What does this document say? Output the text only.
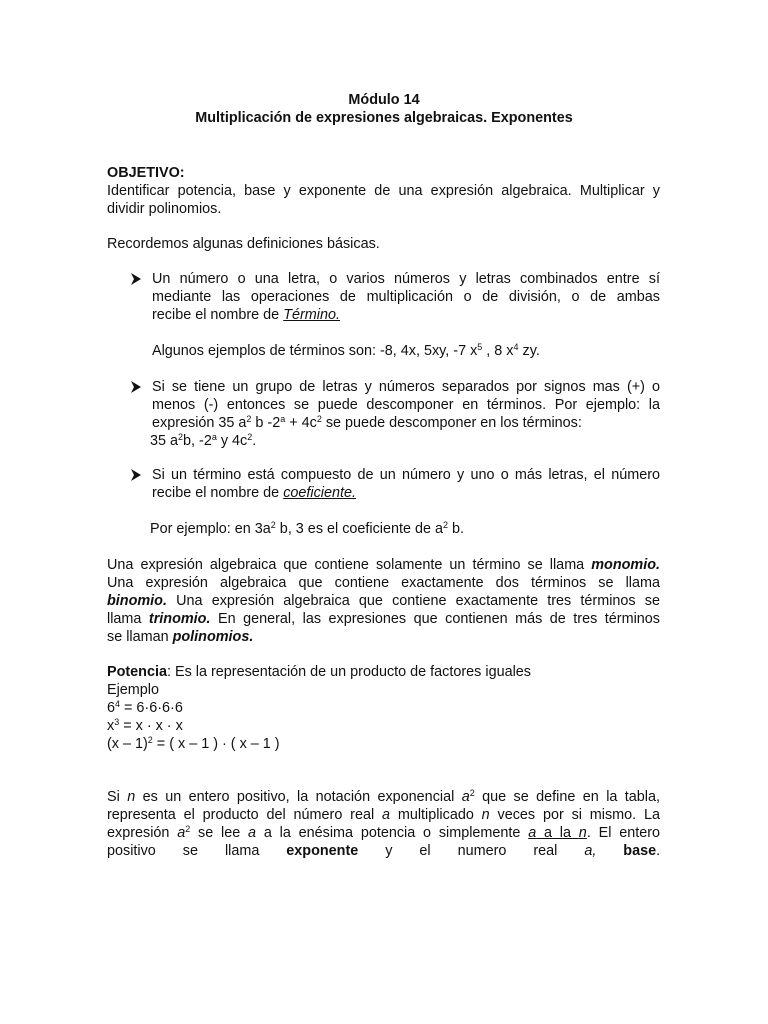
Módulo 14
Multiplicación de expresiones algebraicas. Exponentes
OBJETIVO:
Identificar potencia, base y exponente de una expresión algebraica. Multiplicar y
dividir polinomios.
Recordemos algunas definiciones básicas.
Un número o una letra, o varios números y letras combinados entre sí
mediante las operaciones de multiplicación o de división, o de ambas
recibe el nombre de Término.
Algunos ejemplos de términos son: -8, 4x, 5xy, -7 $x^5$ , 8 $x^4$ zy.
Si se tiene un grupo de letras y números separados por signos mas (+) o
menos (-) entonces se puede descomponer en términos. Por ejemplo: la
expresión 35 $a^2$ b $-2^a + 4c^2$ se puede descomponer en los términos:
35 $a^2b$, -2$^a$ y $4c^2$.
Si un término está compuesto de un número y uno o más letras, el número
recibe el nombre de coeficiente.
Por ejemplo: en $3a^2$ b, 3 es el coeficiente de $a^2$ b.
Una expresión algebraica que contiene solamente un término se llama monomio.
Una expresión algebraica que contiene exactamente dos términos se llama
binomio. Una expresión algebraica que contiene exactamente tres términos se
llama trinomio. En general, las expresiones que contienen más de tres términos
se llaman polinomios.
Potencia: Es la representación de un producto de factores iguales
Ejemplo
$6^4 = 6\cdot 6\cdot 6\cdot 6$
$x^3 = x \cdot x \cdot x$
(x – 1)$^2$ = ( x – 1 ) · ( x – 1 )
Si n es un entero positivo, la notación exponencial $a^2$ que se define en la tabla,
representa el producto del número real a multiplicado n veces por si mismo. La
expresión $a^2$ se lee a a la enésima potencia o simplemente a a la n. El entero
positivo se llama exponente y el numero real a, base.
